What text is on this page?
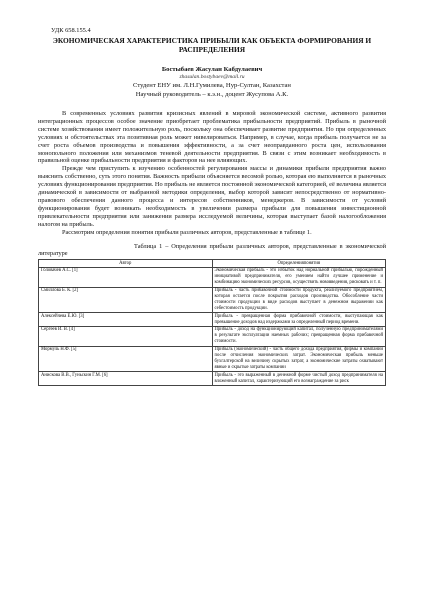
УДК 658.155.4
ЭКОНОМИЧЕСКАЯ ХАРАКТЕРИСТИКА ПРИБЫЛИ КАК ОБЪЕКТА ФОРМИРОВАНИЯ И РАСПРЕДЕЛЕНИЯ
Бостыбаев Жасулан Кабдулаевич
zhasulan.bostybaev@mail.ru
Студент ЕНУ им. Л.Н.Гумилева, Нур-Султан, Казахстан
Научный руководитель – к.э.н., доцент Жусупова А.К.

В современных условиях развития кризисных явлений в мировой экономической системе, активного развития интеграционных процессов особое значение приобретает проблематика прибыльности предприятий. Прибыль в рыночной системе хозяйствования имеет положительную роль, поскольку она обеспечивает развитие предприятия. Но при определенных условиях и обстоятельствах эта позитивная роль может нивелироваться. Например, в случае, когда прибыль получается не за счет роста объемов производства и повышения эффективности, а за счет неоправданного роста цен, использования монопольного положения или механизмов теневой деятельности предприятия. В связи с этим возникает необходимость в правильной оценке прибыльности предприятия и факторов на нее влияющих.

Прежде чем приступить к изучению особенностей регулирования массы и динамики прибыли предприятия важно выяснить собственно, суть этого понятия. Важность прибыли объясняется весомой ролью, которая ею выполняется в рыночных условиях функционирования предприятия. Но прибыль не является постоянной экономической категорией, её величина является динамической в зависимости от выбранной методики определения, выбор которой зависит непосредственно от нормативно-правового обеспечения данного процесса и интересов собственников, менеджеров. В зависимости от условий функционирования будет возникать необходимость в увеличении размера прибыли для повышения инвестиционной привлекательности предприятия или занижении размера исследуемой величины, которая выступает базой налогообложения налогом на прибыль.

Рассмотрим определения понятия прибыли различных авторов, представленные в таблице 1.

Таблица 1 – Определения прибыли различных авторов, представленные в экономической литературе
Автор	Определенияпонятия
Головачев А.С. [1]	Экономическая прибыль - это избыток над нормальной прибылью, порожденный инициативой предпринимателя, его умением найти лучшее применение и комбинацию экономических ресурсов, осуществить нововведения, рисковать и т. п.
Смиллова Б. К. [2]	Прибыль - часть прибавочной стоимости продукта, реализуемого предприятием, которая остается после покрытия расходов производства. Обособление части стоимости продукции в виде расходов выступает в денежном выражении как себестоимость продукции.
Алексейчева Е.Ю. [3]	Прибыль - превращенная форма прибавочной стоимости, выступающая как превышение доходов над издержками за определенный период времени.
Сергеев И. В. [4]	Прибыль - доход на функционирующий капитал, полученную предпринимателями в результате эксплуатации наемных рабочих; превращенная форма прибавочной стоимости.
Мормуль Н.Ф. [5]	Прибыль (экономический) - часть общего дохода предприятия, фирмы и компании после отчисления экономических затрат. Экономическая прибыль меньше бухгалтерской на величину скрытых затрат, а экономические затраты охватывают явные и скрытые затраты компании
Анискова В.В., Гуньскин Г.М. [6]	Прибыль - это выраженный в денежной форме чистый доход предпринимателя на вложенный капитал, характеризующий его вознаграждение за риск
